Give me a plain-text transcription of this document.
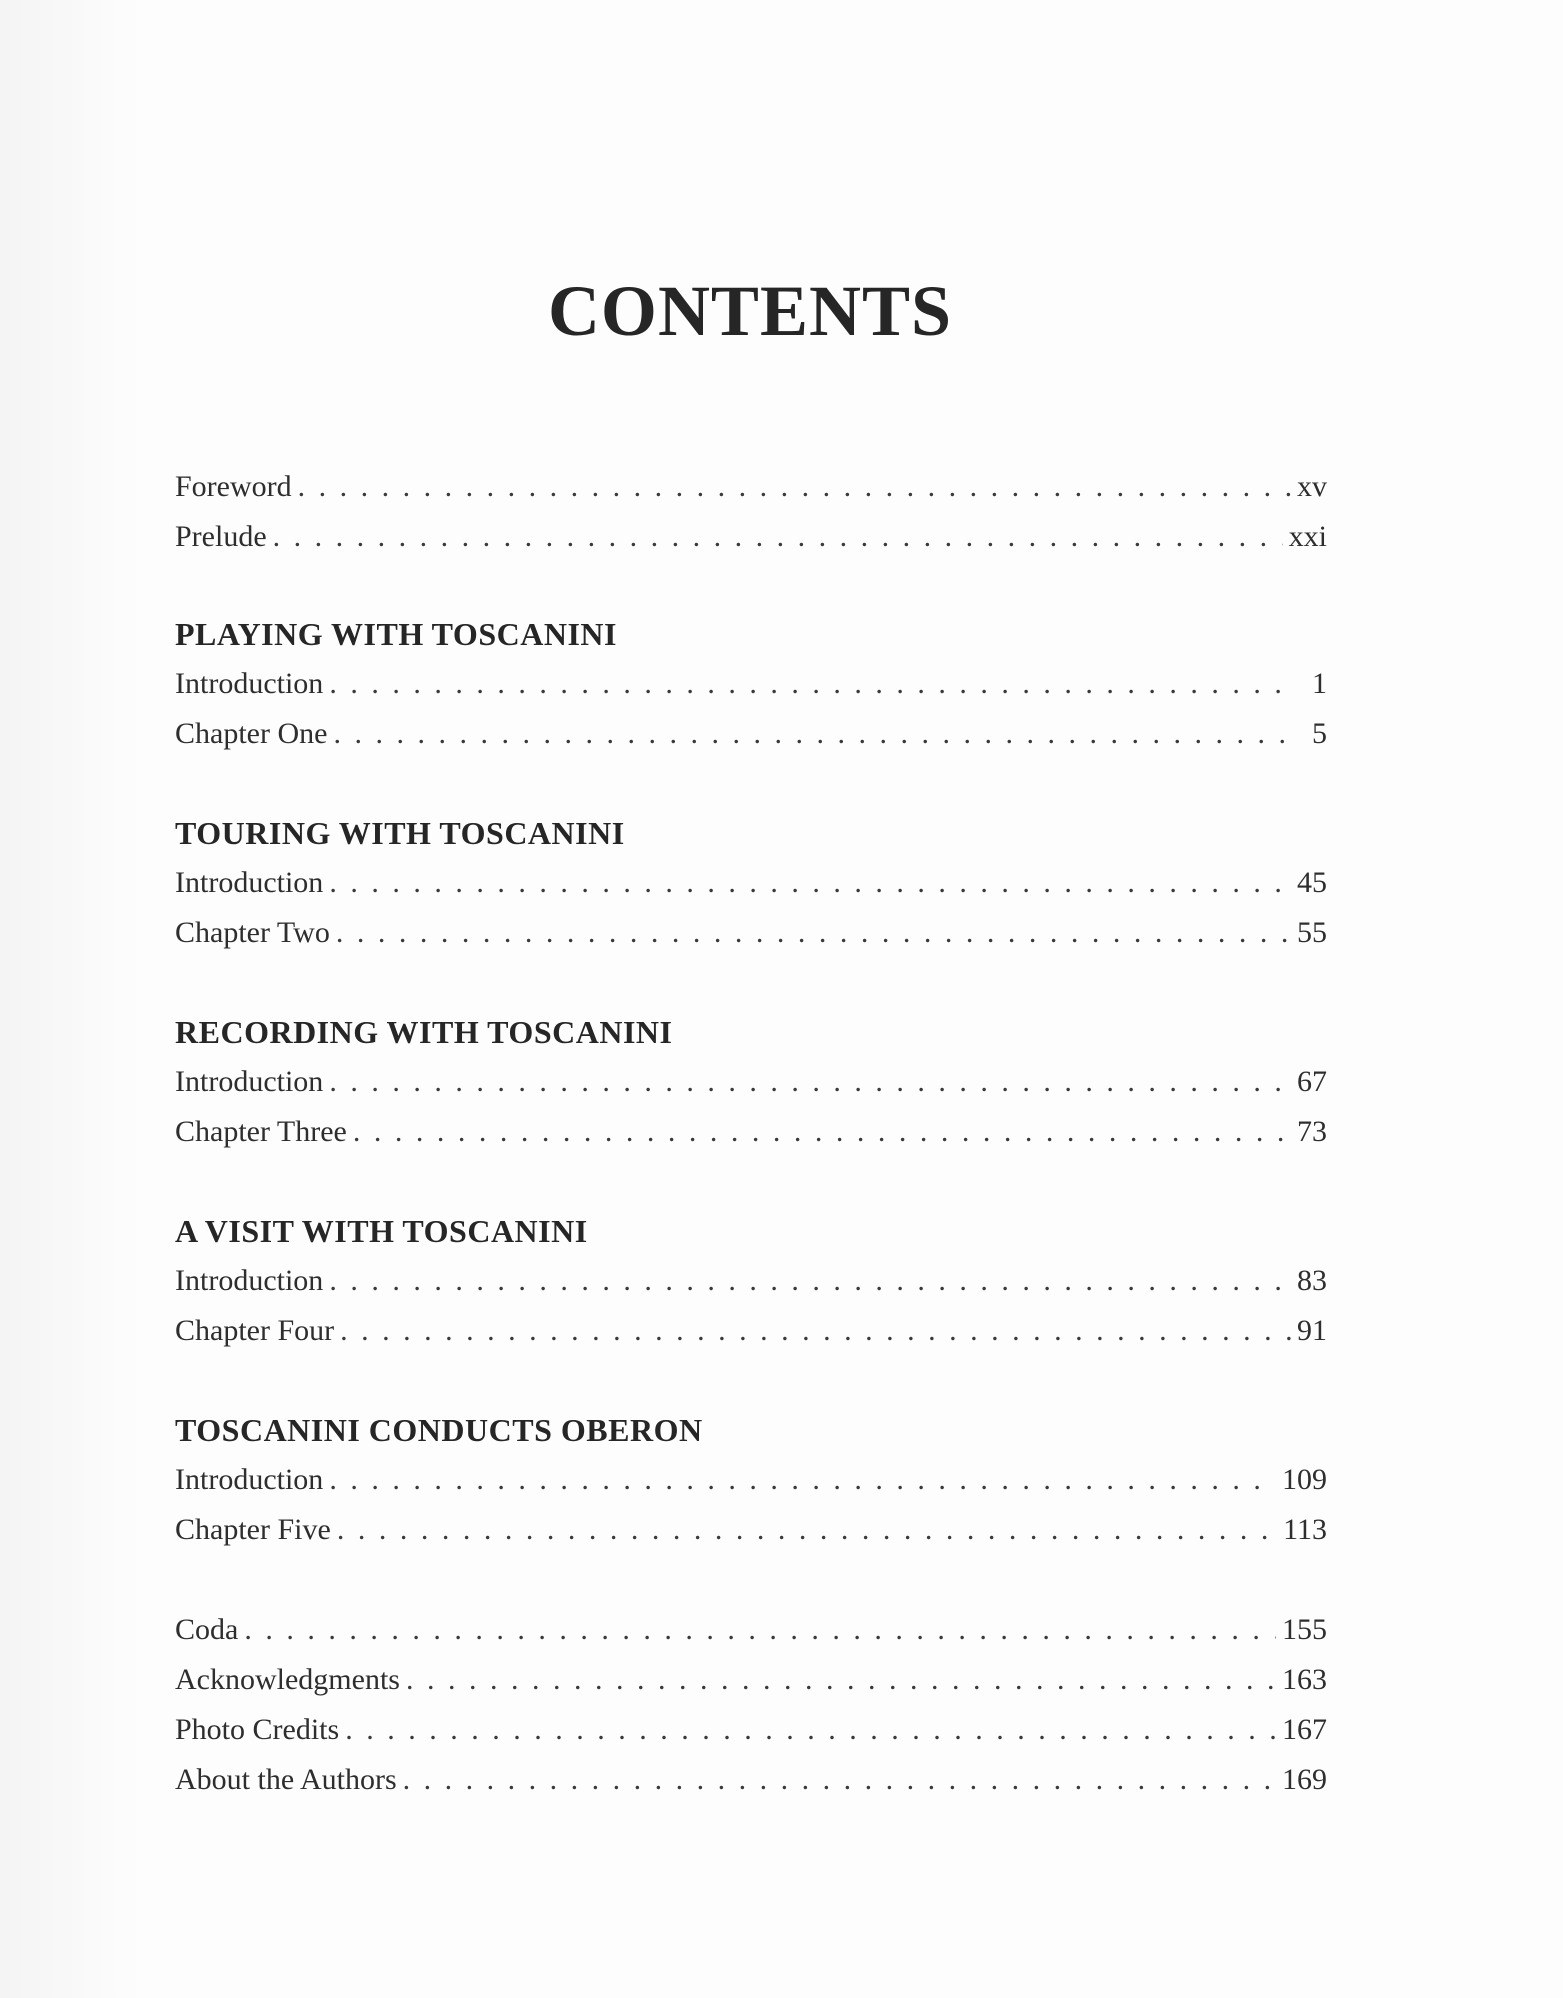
CONTENTS
Foreword . . .	xv
Prelude . . .	xxi
PLAYING WITH TOSCANINI
Introduction . . .	1
Chapter One . . .	5
TOURING WITH TOSCANINI
Introduction . . .	45
Chapter Two . . .	55
RECORDING WITH TOSCANINI
Introduction . . .	67
Chapter Three . . .	73
A VISIT WITH TOSCANINI
Introduction . . .	83
Chapter Four . . .	91
TOSCANINI CONDUCTS OBERON
Introduction . . .	109
Chapter Five . . .	113
Coda . . .	155
Acknowledgments . . .	163
Photo Credits . . .	167
About the Authors . . .	169
